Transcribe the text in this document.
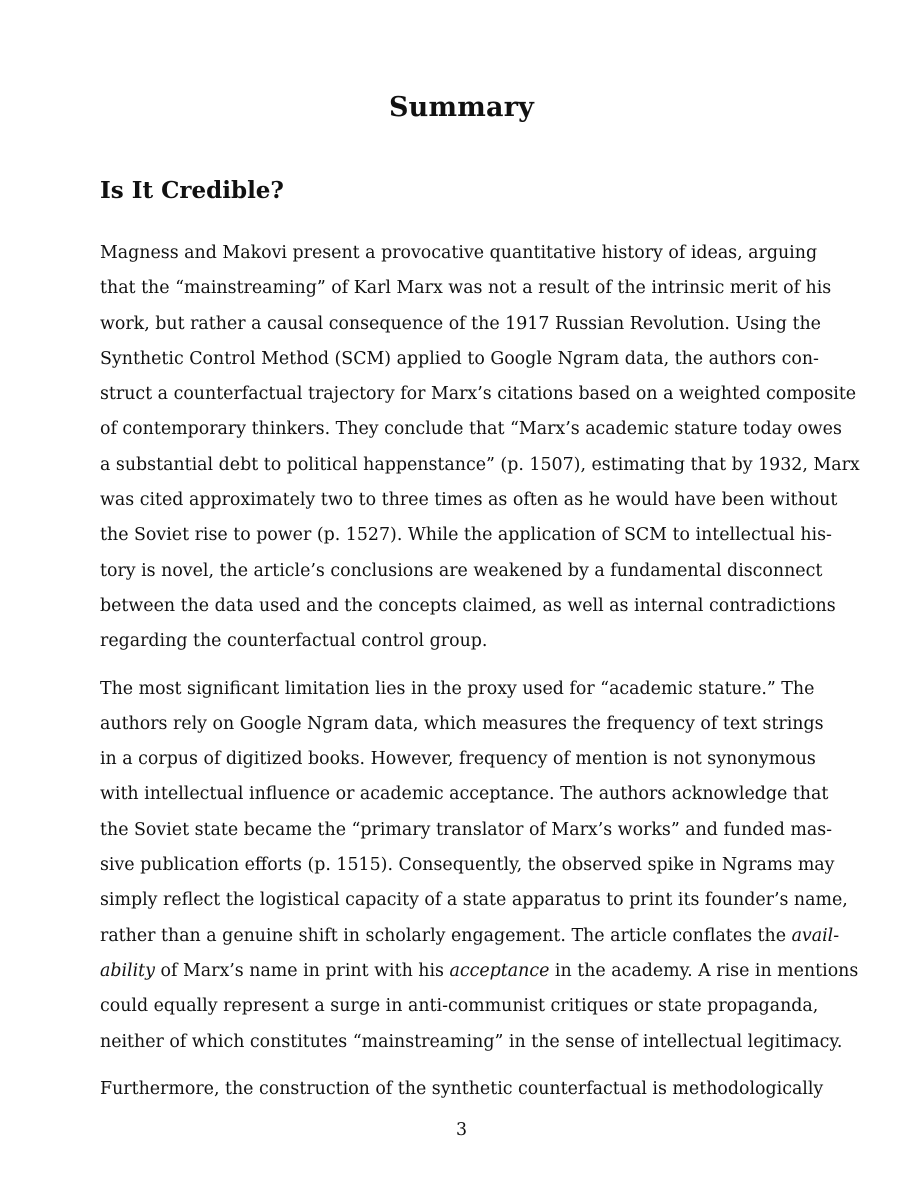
Summary
Is It Credible?
Magness and Makovi present a provocative quantitative history of ideas, arguing
that the “mainstreaming” of Karl Marx was not a result of the intrinsic merit of his
work, but rather a causal consequence of the 1917 Russian Revolution. Using the
Synthetic Control Method (SCM) applied to Google Ngram data, the authors con-
struct a counterfactual trajectory for Marx’s citations based on a weighted composite
of contemporary thinkers. They conclude that “Marx’s academic stature today owes
a substantial debt to political happenstance” (p. 1507), estimating that by 1932, Marx
was cited approximately two to three times as often as he would have been without
the Soviet rise to power (p. 1527). While the application of SCM to intellectual his-
tory is novel, the article’s conclusions are weakened by a fundamental disconnect
between the data used and the concepts claimed, as well as internal contradictions
regarding the counterfactual control group.
The most significant limitation lies in the proxy used for “academic stature.” The
authors rely on Google Ngram data, which measures the frequency of text strings
in a corpus of digitized books. However, frequency of mention is not synonymous
with intellectual influence or academic acceptance. The authors acknowledge that
the Soviet state became the “primary translator of Marx’s works” and funded mas-
sive publication efforts (p. 1515). Consequently, the observed spike in Ngrams may
simply reflect the logistical capacity of a state apparatus to print its founder’s name,
rather than a genuine shift in scholarly engagement. The article conflates the avail-
ability of Marx’s name in print with his acceptance in the academy. A rise in mentions
could equally represent a surge in anti-communist critiques or state propaganda,
neither of which constitutes “mainstreaming” in the sense of intellectual legitimacy.
Furthermore, the construction of the synthetic counterfactual is methodologically
3
